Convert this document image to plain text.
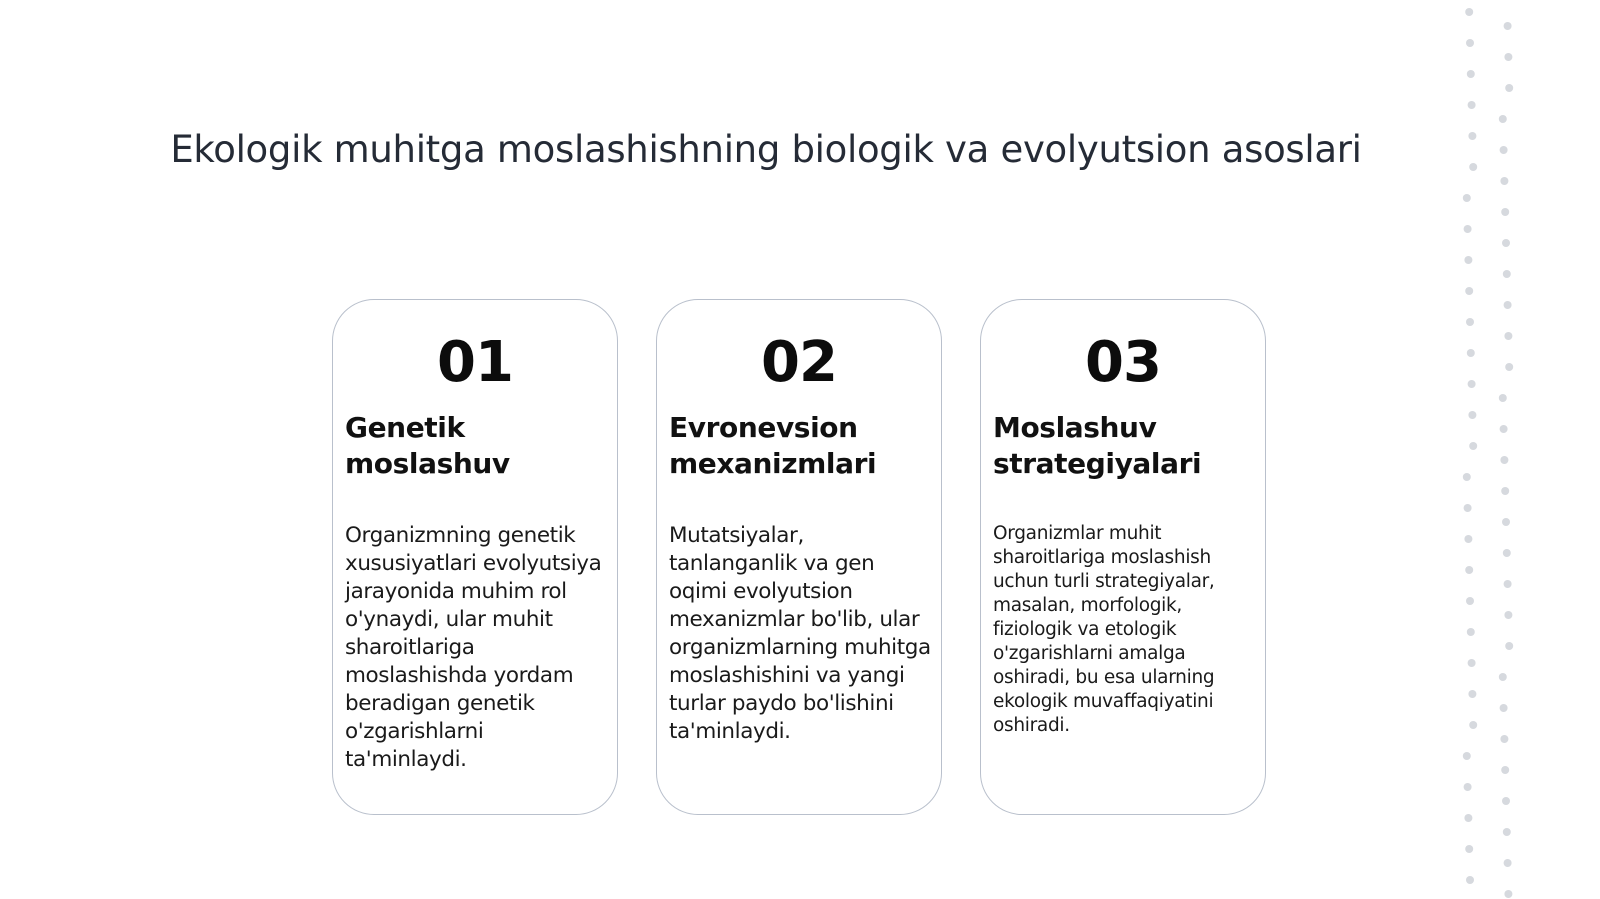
Ekologik muhitga moslashishning biologik va evolyutsion asoslari
01
Genetik moslashuv
Organizmning genetik xususiyatlari evolyutsiya jarayonida muhim rol o'ynaydi, ular muhit sharoitlariga moslashishda yordam beradigan genetik o'zgarishlarni ta'minlaydi.
02
Evronevsion mexanizmlari
Mutatsiyalar, tanlanganlik va gen oqimi evolyutsion mexanizmlar bo'lib, ular organizmlarning muhitga moslashishini va yangi turlar paydo bo'lishini ta'minlaydi.
03
Moslashuv strategiyalari
Organizmlar muhit sharoitlariga moslashish uchun turli strategiyalar, masalan, morfologik, fiziologik va etologik o'zgarishlarni amalga oshiradi, bu esa ularning ekologik muvaffaqiyatini oshiradi.
